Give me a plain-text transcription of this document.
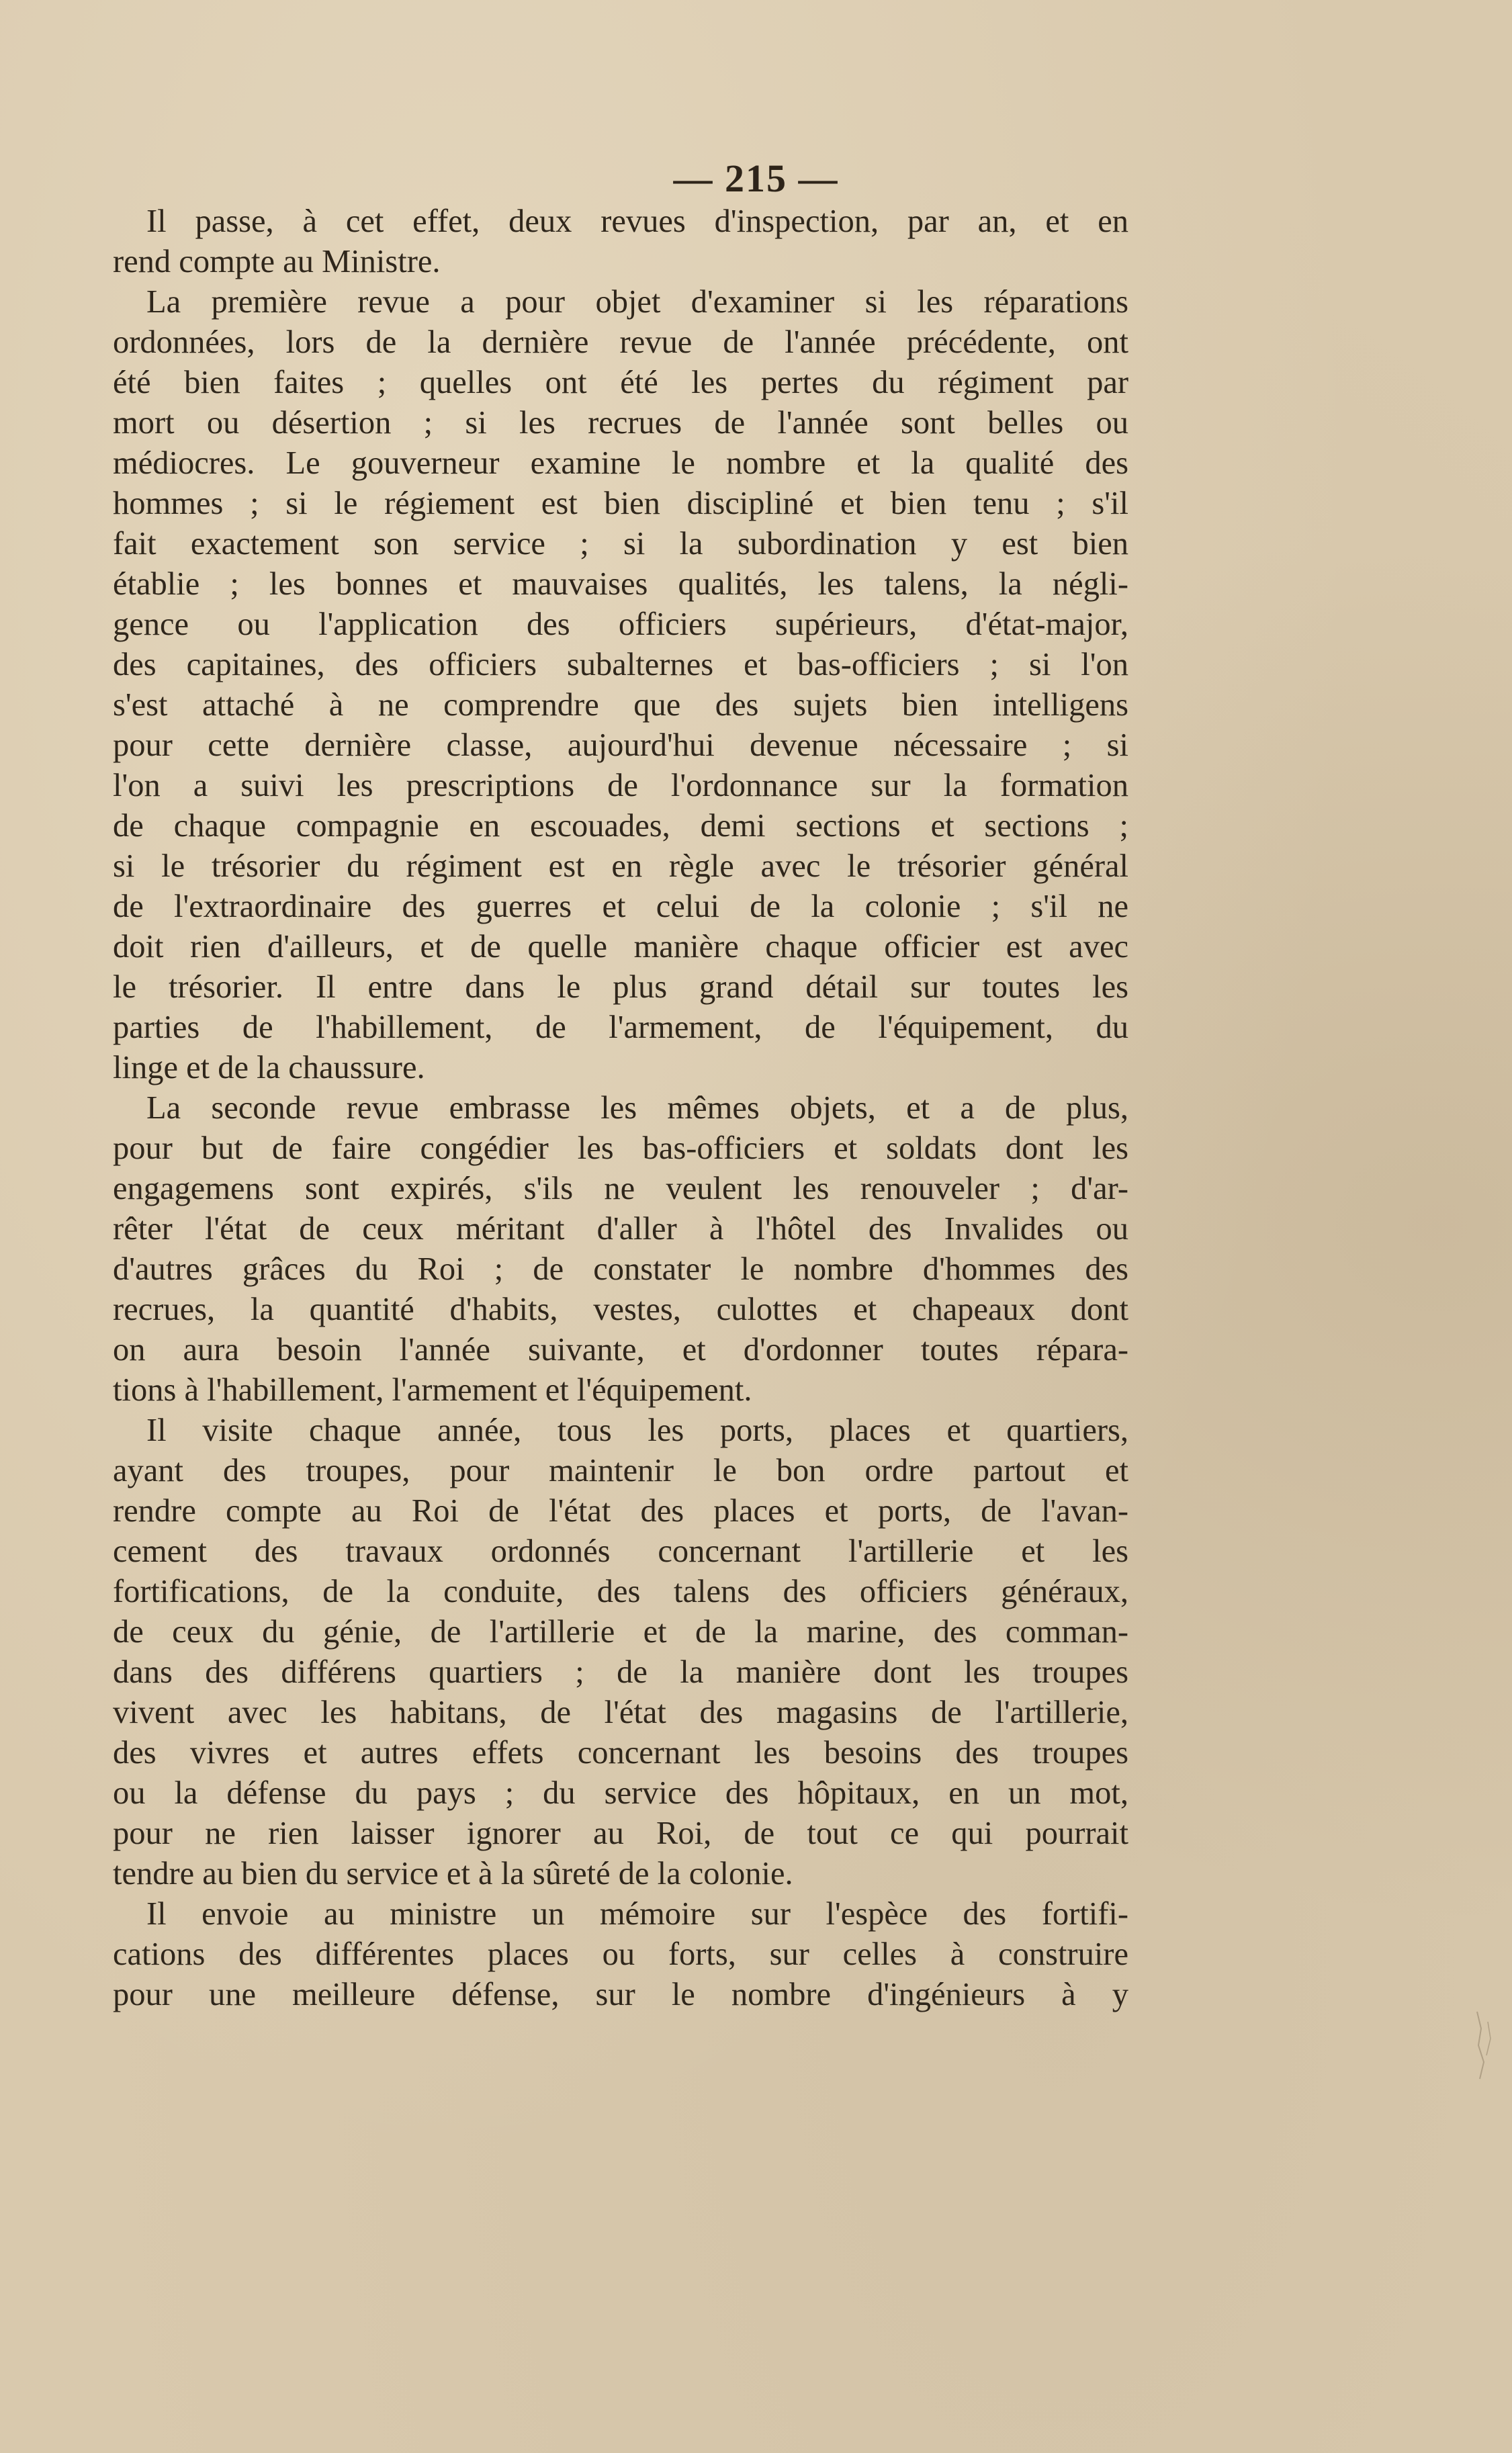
— 215 —
Il passe, à cet effet, deux revues d'inspection, par an, et en
rend compte au Ministre.
La première revue a pour objet d'examiner si les réparations
ordonnées, lors de la dernière revue de l'année précédente, ont
été bien faites ; quelles ont été les pertes du régiment par
mort ou désertion ; si les recrues de l'année sont belles ou
médiocres. Le gouverneur examine le nombre et la qualité des
hommes ; si le régiement est bien discipliné et bien tenu ; s'il
fait exactement son service ; si la subordination y est bien
établie ; les bonnes et mauvaises qualités, les talens, la négli-
gence ou l'application des officiers supérieurs, d'état-major,
des capitaines, des officiers subalternes et bas-officiers ; si l'on
s'est attaché à ne comprendre que des sujets bien intelligens
pour cette dernière classe, aujourd'hui devenue nécessaire ; si
l'on a suivi les prescriptions de l'ordonnance sur la formation
de chaque compagnie en escouades, demi sections et sections ;
si le trésorier du régiment est en règle avec le trésorier général
de l'extraordinaire des guerres et celui de la colonie ; s'il ne
doit rien d'ailleurs, et de quelle manière chaque officier est avec
le trésorier. Il entre dans le plus grand détail sur toutes les
parties de l'habillement, de l'armement, de l'équipement, du
linge et de la chaussure.
La seconde revue embrasse les mêmes objets, et a de plus,
pour but de faire congédier les bas-officiers et soldats dont les
engagemens sont expirés, s'ils ne veulent les renouveler ; d'ar-
rêter l'état de ceux méritant d'aller à l'hôtel des Invalides ou
d'autres grâces du Roi ; de constater le nombre d'hommes des
recrues, la quantité d'habits, vestes, culottes et chapeaux dont
on aura besoin l'année suivante, et d'ordonner toutes répara-
tions à l'habillement, l'armement et l'équipement.
Il visite chaque année, tous les ports, places et quartiers,
ayant des troupes, pour maintenir le bon ordre partout et
rendre compte au Roi de l'état des places et ports, de l'avan-
cement des travaux ordonnés concernant l'artillerie et les
fortifications, de la conduite, des talens des officiers généraux,
de ceux du génie, de l'artillerie et de la marine, des comman-
dans des différens quartiers ; de la manière dont les troupes
vivent avec les habitans, de l'état des magasins de l'artillerie,
des vivres et autres effets concernant les besoins des troupes
ou la défense du pays ; du service des hôpitaux, en un mot,
pour ne rien laisser ignorer au Roi, de tout ce qui pourrait
tendre au bien du service et à la sûreté de la colonie.
Il envoie au ministre un mémoire sur l'espèce des fortifi-
cations des différentes places ou forts, sur celles à construire
pour une meilleure défense, sur le nombre d'ingénieurs à y
